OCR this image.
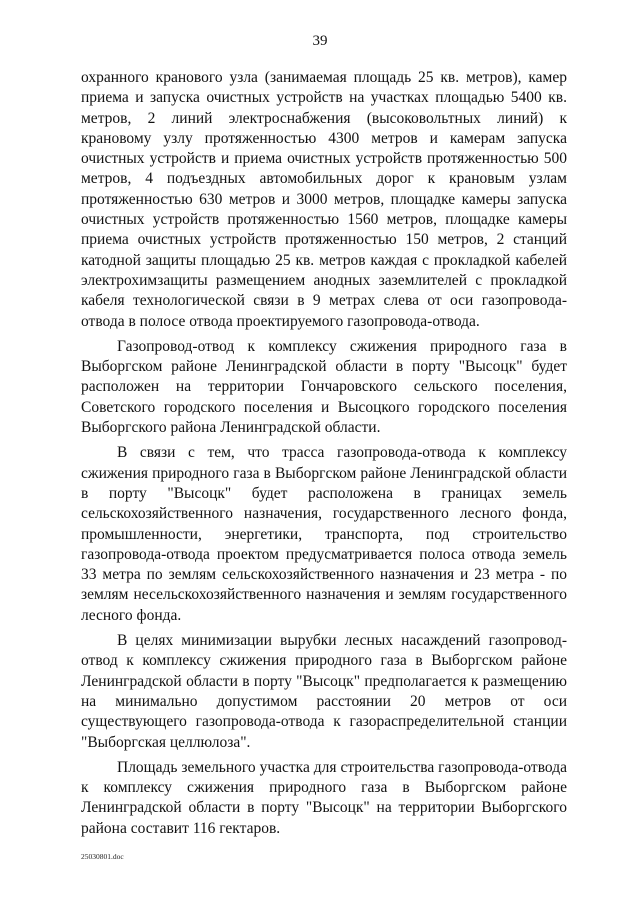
39

охранного кранового узла (занимаемая площадь 25 кв. метров), камер приема и запуска очистных устройств на участках площадью 5400 кв. метров, 2 линий электроснабжения (высоковольтных линий) к крановому узлу протяженностью 4300 метров и камерам запуска очистных устройств и приема очистных устройств протяженностью 500 метров, 4 подъездных автомобильных дорог к крановым узлам протяженностью 630 метров и 3000 метров, площадке камеры запуска очистных устройств протяженностью 1560 метров, площадке камеры приема очистных устройств протяженностью 150 метров, 2 станций катодной защиты площадью 25 кв. метров каждая с прокладкой кабелей электрохимзащиты размещением анодных заземлителей с прокладкой кабеля технологической связи в 9 метрах слева от оси газопровода-отвода в полосе отвода проектируемого газопровода-отвода.

Газопровод-отвод к комплексу сжижения природного газа в Выборгском районе Ленинградской области в порту "Высоцк" будет расположен на территории Гончаровского сельского поселения, Советского городского поселения и Высоцкого городского поселения Выборгского района Ленинградской области.

В связи с тем, что трасса газопровода-отвода к комплексу сжижения природного газа в Выборгском районе Ленинградской области в порту "Высоцк" будет расположена в границах земель сельскохозяйственного назначения, государственного лесного фонда, промышленности, энергетики, транспорта, под строительство газопровода-отвода проектом предусматривается полоса отвода земель 33 метра по землям сельскохозяйственного назначения и 23 метра - по землям несельскохозяйственного назначения и землям государственного лесного фонда.

В целях минимизации вырубки лесных насаждений газопровод-отвод к комплексу сжижения природного газа в Выборгском районе Ленинградской области в порту "Высоцк" предполагается к размещению на минимально допустимом расстоянии 20 метров от оси существующего газопровода-отвода к газораспределительной станции "Выборгская целлюлоза".

Площадь земельного участка для строительства газопровода-отвода к комплексу сжижения природного газа в Выборгском районе Ленинградской области в порту "Высоцк" на территории Выборгского района составит 116 гектаров.

25030801.doc
